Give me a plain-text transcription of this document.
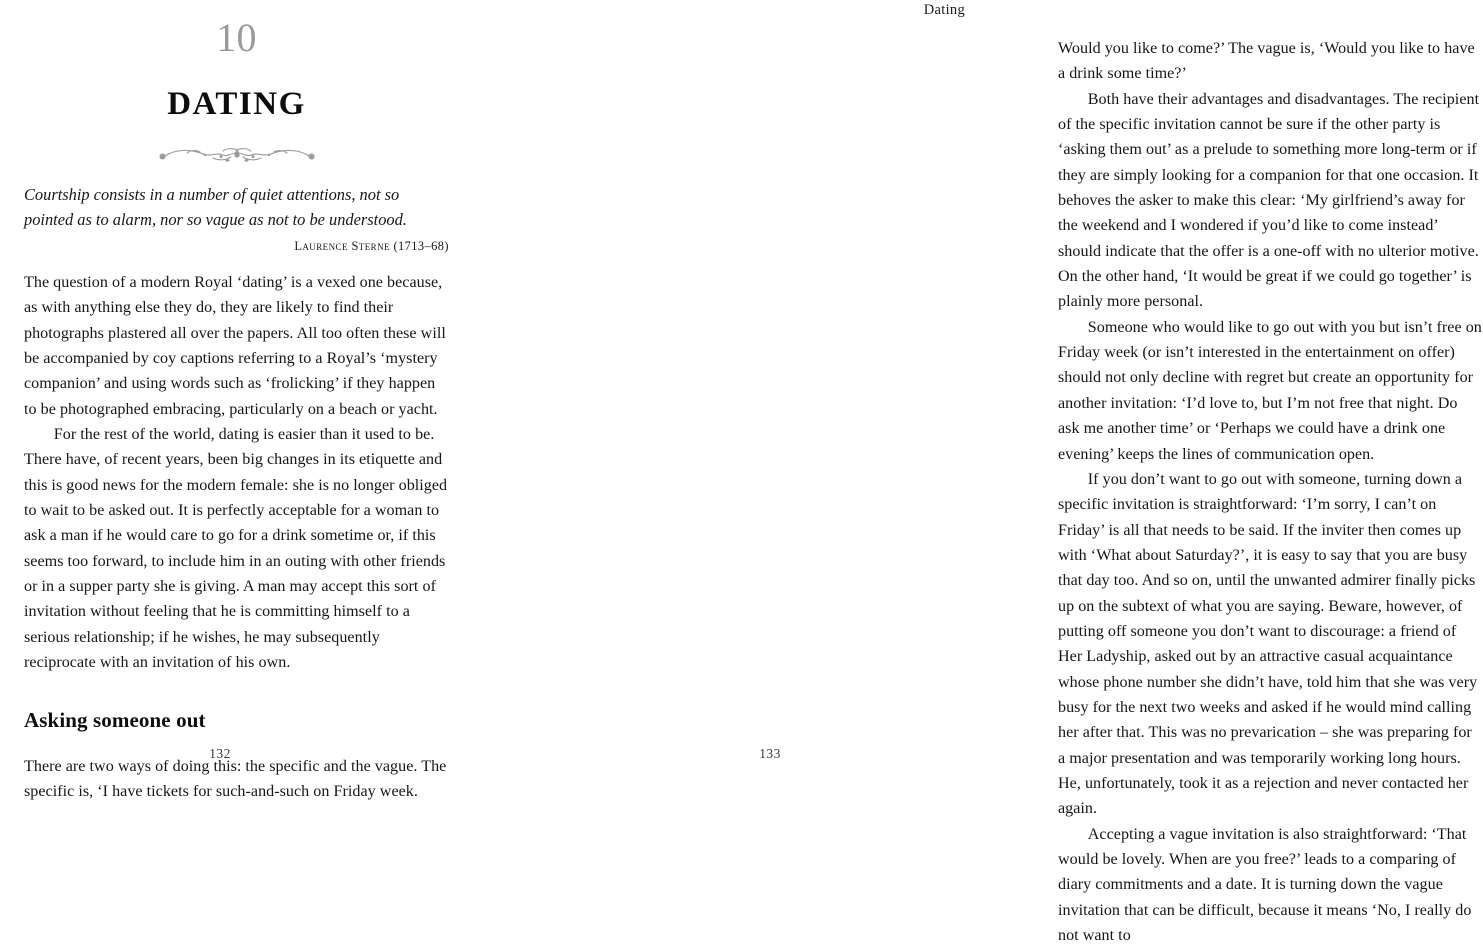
10
DATING
Courtship consists in a number of quiet attentions, not so pointed as to alarm, nor so vague as not to be understood.
Laurence Sterne (1713–68)

The question of a modern Royal ‘dating’ is a vexed one because, as with anything else they do, they are likely to find their photographs plastered all over the papers. All too often these will be accompanied by coy captions referring to a Royal’s ‘mystery companion’ and using words such as ‘frolicking’ if they happen to be photographed embracing, particularly on a beach or yacht.

For the rest of the world, dating is easier than it used to be. There have, of recent years, been big changes in its etiquette and this is good news for the modern female: she is no longer obliged to wait to be asked out. It is perfectly acceptable for a woman to ask a man if he would care to go for a drink sometime or, if this seems too forward, to include him in an outing with other friends or in a supper party she is giving. A man may accept this sort of invitation without feeling that he is committing himself to a serious relationship; if he wishes, he may subsequently reciprocate with an invitation of his own.

Asking someone out

There are two ways of doing this: the specific and the vague. The specific is, ‘I have tickets for such-and-such on Friday week.

132
Dating

Would you like to come?’ The vague is, ‘Would you like to have a drink some time?’

Both have their advantages and disadvantages. The recipient of the specific invitation cannot be sure if the other party is ‘asking them out’ as a prelude to something more long-term or if they are simply looking for a companion for that one occasion. It behoves the asker to make this clear: ‘My girlfriend’s away for the weekend and I wondered if you’d like to come instead’ should indicate that the offer is a one-off with no ulterior motive. On the other hand, ‘It would be great if we could go together’ is plainly more personal.

Someone who would like to go out with you but isn’t free on Friday week (or isn’t interested in the entertainment on offer) should not only decline with regret but create an opportunity for another invitation: ‘I’d love to, but I’m not free that night. Do ask me another time’ or ‘Perhaps we could have a drink one evening’ keeps the lines of communication open.

If you don’t want to go out with someone, turning down a specific invitation is straightforward: ‘I’m sorry, I can’t on Friday’ is all that needs to be said. If the inviter then comes up with ‘What about Saturday?’, it is easy to say that you are busy that day too. And so on, until the unwanted admirer finally picks up on the subtext of what you are saying. Beware, however, of putting off someone you don’t want to discourage: a friend of Her Ladyship, asked out by an attractive casual acquaintance whose phone number she didn’t have, told him that she was very busy for the next two weeks and asked if he would mind calling her after that. This was no prevarication – she was preparing for a major presentation and was temporarily working long hours. He, unfortunately, took it as a rejection and never contacted her again.

Accepting a vague invitation is also straightforward: ‘That would be lovely. When are you free?’ leads to a comparing of diary commitments and a date. It is turning down the vague invitation that can be difficult, because it means ‘No, I really do not want to

133
